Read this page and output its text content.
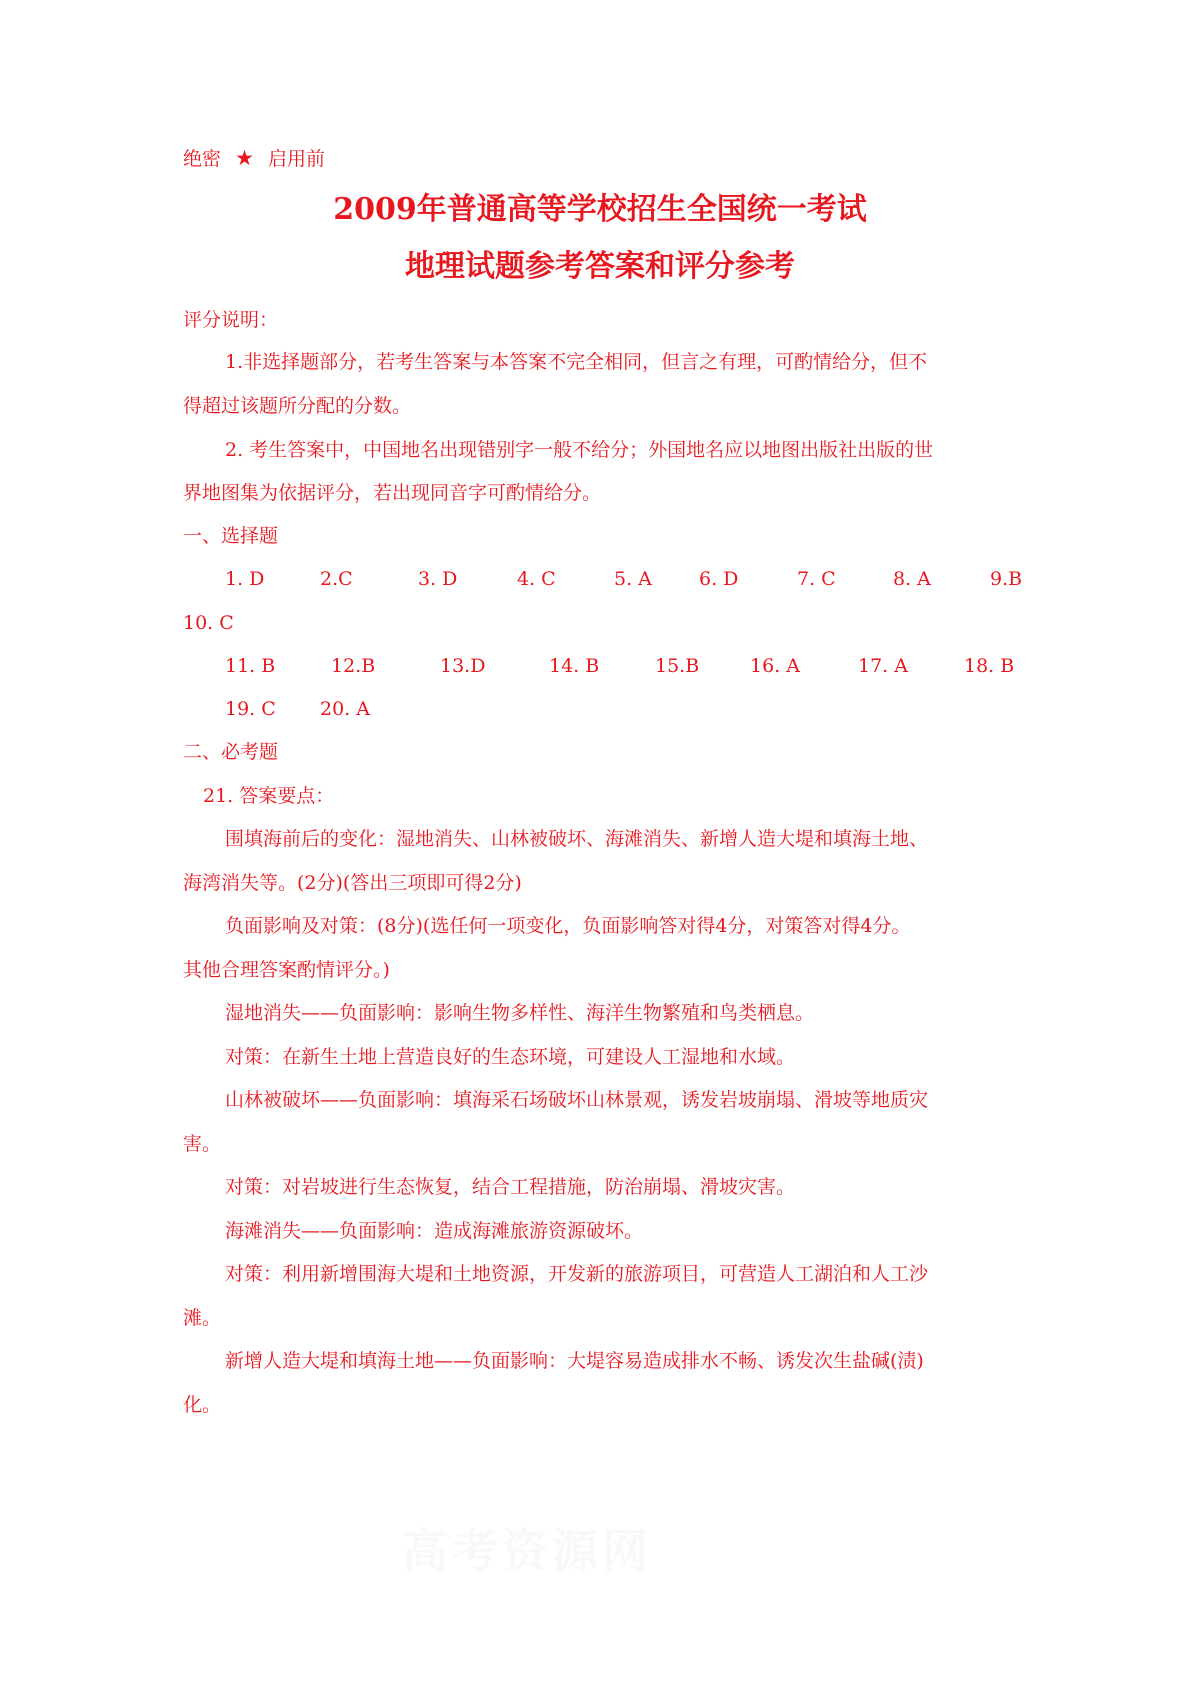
绝密 ★ 启用前
2009年普通高等学校招生全国统一考试
地理试题参考答案和评分参考
评分说明：
1.非选择题部分，若考生答案与本答案不完全相同，但言之有理，可酌情给分，但不
得超过该题所分配的分数。
2. 考生答案中，中国地名出现错别字一般不给分；外国地名应以地图出版社出版的世
界地图集为依据评分，若出现同音字可酌情给分。
一、选择题
1. D	2.C	3. D	4. C	5. A 6. D	7. C	8. A	9.B
10. C
11. B	12.B	13.D	14. B	15.B	16. A	17. A	18. B
19. C 20. A
二、必考题
21. 答案要点：
围填海前后的变化：湿地消失、山林被破坏、海滩消失、新增人造大堤和填海土地、
海湾消失等。(2分)(答出三项即可得2分)
负面影响及对策：(8分)(选任何一项变化，负面影响答对得4分，对策答对得4分。
其他合理答案酌情评分。)
湿地消失——负面影响：影响生物多样性、海洋生物繁殖和鸟类栖息。
对策：在新生土地上营造良好的生态环境，可建设人工湿地和水域。
山林被破坏——负面影响：填海采石场破坏山林景观，诱发岩坡崩塌、滑坡等地质灾
害。
对策：对岩坡进行生态恢复，结合工程措施，防治崩塌、滑坡灾害。
海滩消失——负面影响：造成海滩旅游资源破坏。
对策：利用新增围海大堤和土地资源，开发新的旅游项目，可营造人工湖泊和人工沙
滩。
新增人造大堤和填海土地——负面影响：大堤容易造成排水不畅、诱发次生盐碱(渍)
化。
高考资源网
